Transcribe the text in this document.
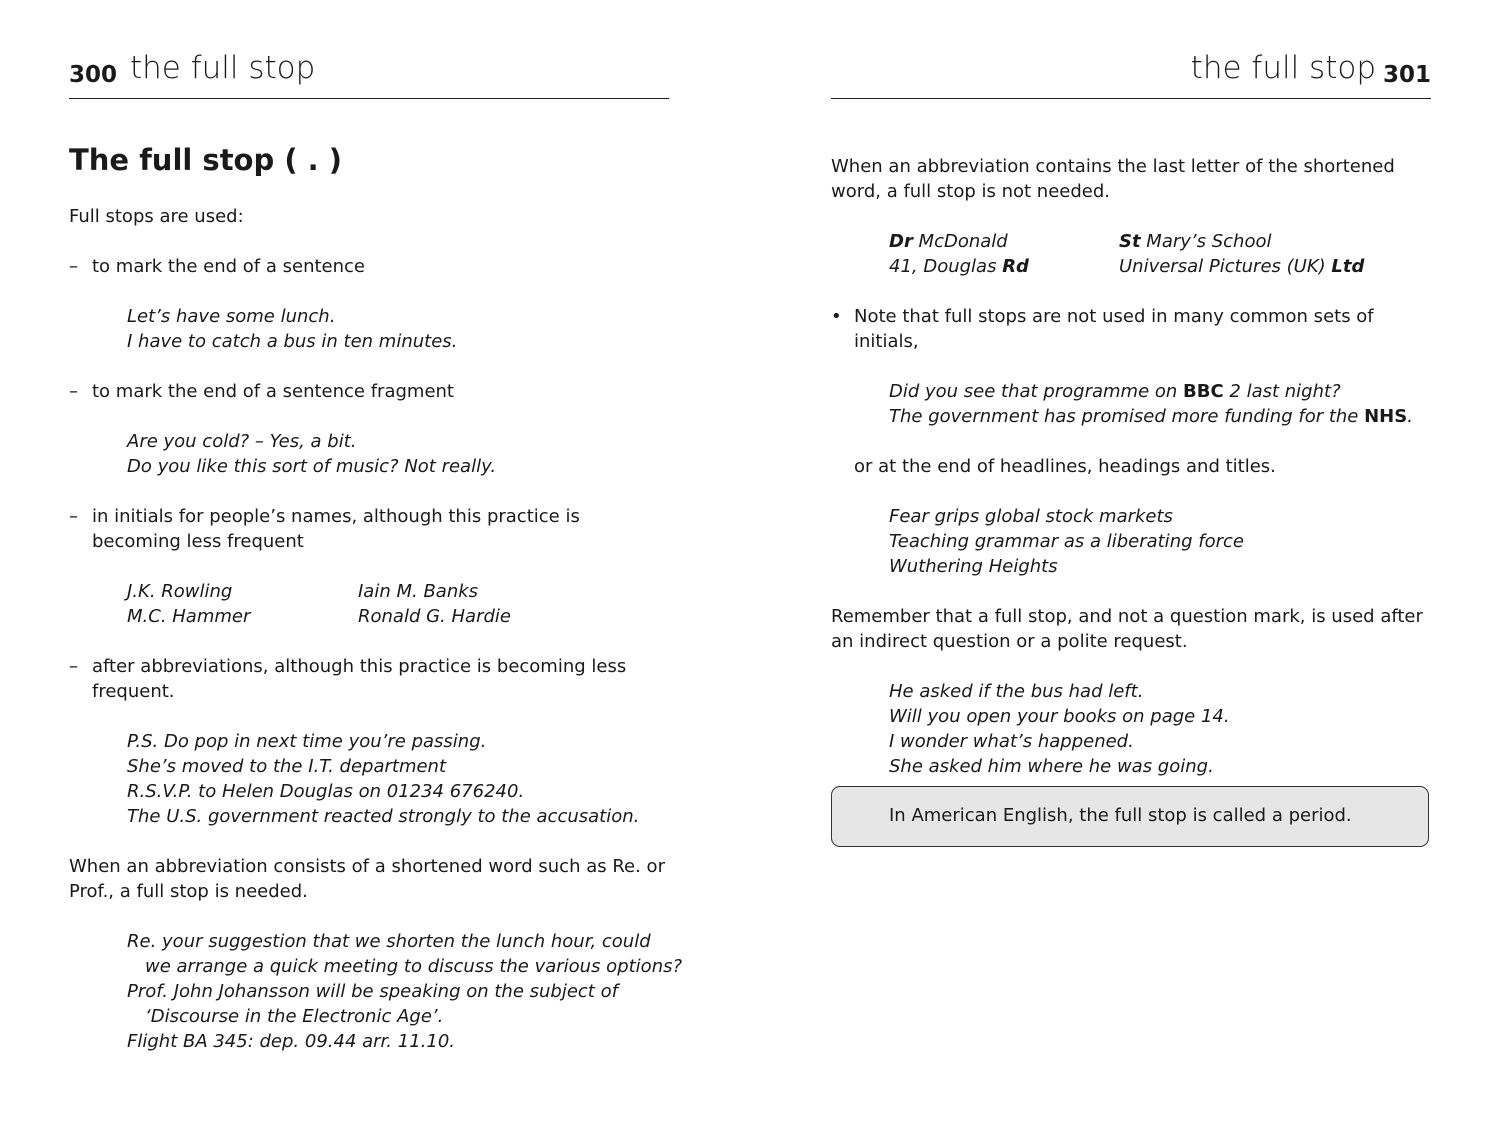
300 the full stop
The full stop ( . )

Full stops are used:

– to mark the end of a sentence

Let’s have some lunch.
I have to catch a bus in ten minutes.

– to mark the end of a sentence fragment

Are you cold? – Yes, a bit.
Do you like this sort of music? Not really.

– in initials for people’s names, although this practice is becoming less frequent

J.K. Rowling	Iain M. Banks
M.C. Hammer	Ronald G. Hardie

– after abbreviations, although this practice is becoming less frequent.

P.S. Do pop in next time you’re passing.
She’s moved to the I.T. department
R.S.V.P. to Helen Douglas on 01234 676240.
The U.S. government reacted strongly to the accusation.

When an abbreviation consists of a shortened word such as Re. or Prof., a full stop is needed.

Re. your suggestion that we shorten the lunch hour, could
we arrange a quick meeting to discuss the various options?
Prof. John Johansson will be speaking on the subject of
‘Discourse in the Electronic Age’.
Flight BA 345: dep. 09.44 arr. 11.10.
the full stop 301

When an abbreviation contains the last letter of the shortened word, a full stop is not needed.

Dr McDonald	St Mary’s School
41, Douglas Rd	Universal Pictures (UK) Ltd

• Note that full stops are not used in many common sets of initials,

Did you see that programme on BBC 2 last night?
The government has promised more funding for the NHS.

or at the end of headlines, headings and titles.

Fear grips global stock markets
Teaching grammar as a liberating force
Wuthering Heights

Remember that a full stop, and not a question mark, is used after an indirect question or a polite request.

He asked if the bus had left.
Will you open your books on page 14.
I wonder what’s happened.
She asked him where he was going.
In American English, the full stop is called a period.
